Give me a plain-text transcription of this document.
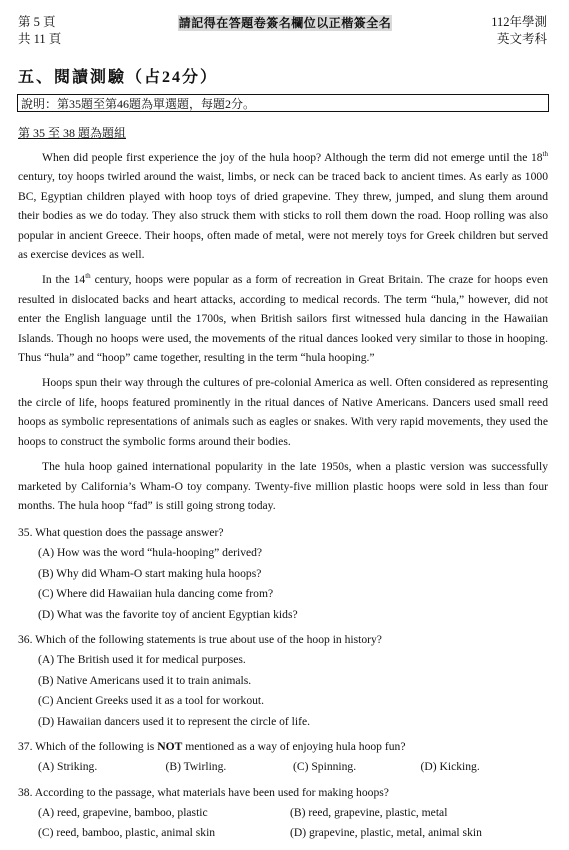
第 5 頁
共 11 頁
請記得在答題卷簽名欄位以正楷簽全名	112年學測
英文考科
五、閱讀測驗（占24分）
說明：第35題至第46題為單選題，每題2分。
第 35 至 38 題為題組

When did people first experience the joy of the hula hoop? Although the term did not emerge until the 18th century, toy hoops twirled around the waist, limbs, or neck can be traced back to ancient times. As early as 1000 BC, Egyptian children played with hoop toys of dried grapevine. They threw, jumped, and slung them around their bodies as we do today. They also struck them with sticks to roll them down the road. Hoop rolling was also popular in ancient Greece. Their hoops, often made of metal, were not merely toys for Greek children but served as exercise devices as well.

In the 14th century, hoops were popular as a form of recreation in Great Britain. The craze for hoops even resulted in dislocated backs and heart attacks, according to medical records. The term “hula,” however, did not enter the English language until the 1700s, when British sailors first witnessed hula dancing in the Hawaiian Islands. Though no hoops were used, the movements of the ritual dances looked very similar to those in hooping. Thus “hula” and “hoop” came together, resulting in the term “hula hooping.”

Hoops spun their way through the cultures of pre-colonial America as well. Often considered as representing the circle of life, hoops featured prominently in the ritual dances of Native Americans. Dancers used small reed hoops as symbolic representations of animals such as eagles or snakes. With very rapid movements, they used the hoops to construct the symbolic forms around their bodies.

The hula hoop gained international popularity in the late 1950s, when a plastic version was successfully marketed by California’s Wham-O toy company. Twenty-five million plastic hoops were sold in less than four months. The hula hoop “fad” is still going strong today.

35. What question does the passage answer?
(A) How was the word “hula-hooping” derived?
(B) Why did Wham-O start making hula hoops?
(C) Where did Hawaiian hula dancing come from?
(D) What was the favorite toy of ancient Egyptian kids?
36. Which of the following statements is true about use of the hoop in history?
(A) The British used it for medical purposes.
(B) Native Americans used it to train animals.
(C) Ancient Greeks used it as a tool for workout.
(D) Hawaiian dancers used it to represent the circle of life.
37. Which of the following is NOT mentioned as a way of enjoying hula hoop fun?
(A) Striking.	(B) Twirling.	(C) Spinning.	(D) Kicking.
38. According to the passage, what materials have been used for making hoops?
(A) reed, grapevine, bamboo, plastic	(B) reed, grapevine, plastic, metal
(C) reed, bamboo, plastic, animal skin	(D) grapevine, plastic, metal, animal skin
